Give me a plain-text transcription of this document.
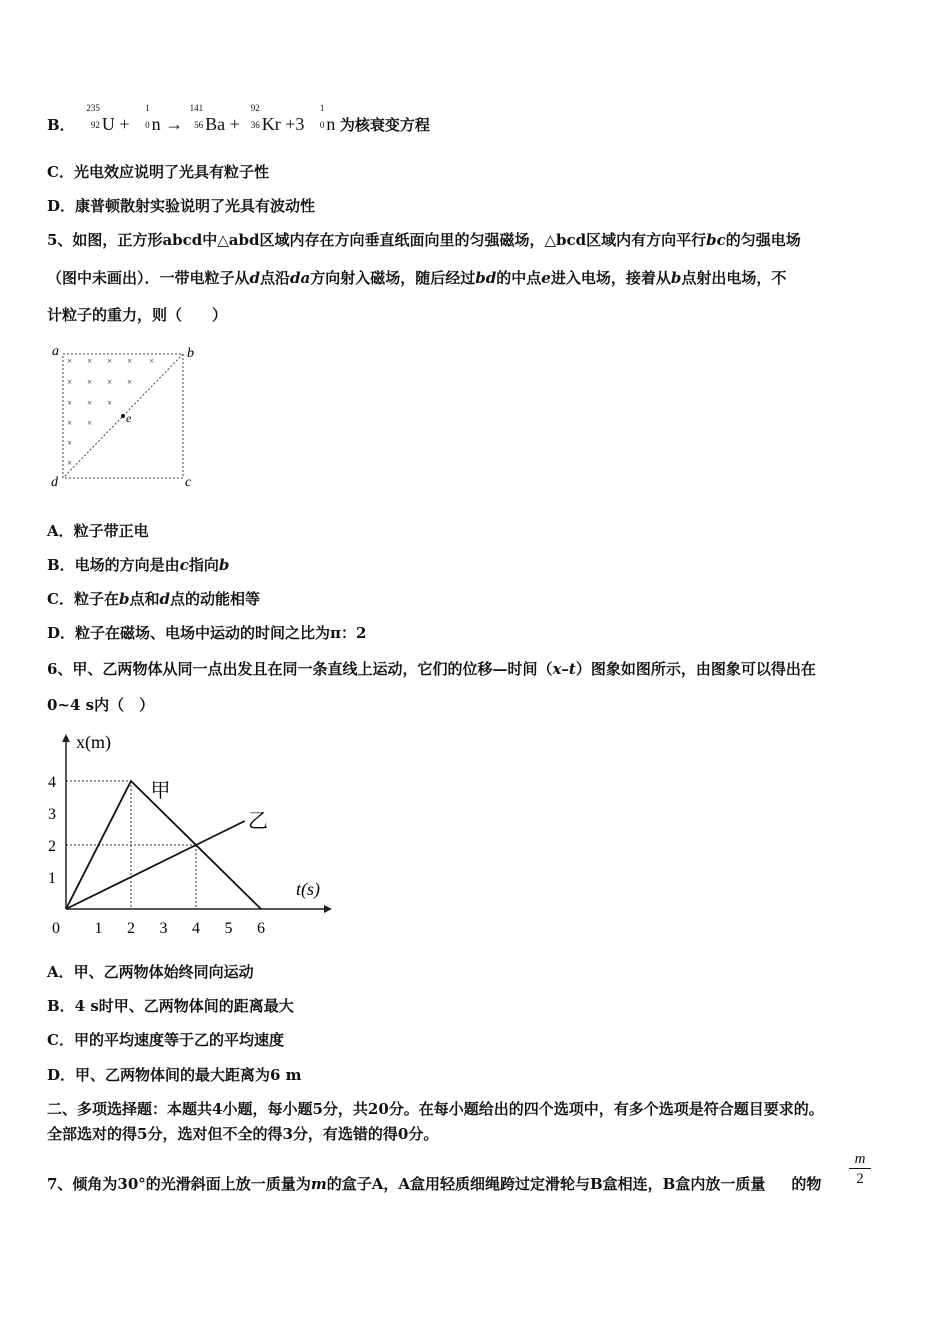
B．
235
92 U +
1
0 n →
141
56 Ba +
92
36 Kr +3
1
0 n 为核衰变方程
C．光电效应说明了光具有粒子性
D．康普顿散射实验说明了光具有波动性
5、如图，正方形abcd中△abd区域内存在方向垂直纸面向里的匀强磁场，△bcd区域内有方向平行bc的匀强电场
（图中未画出）．一带电粒子从d点沿da方向射入磁场，随后经过bd的中点e进入电场，接着从b点射出电场，不
计粒子的重力，则（　　）
× × × × ×
× × × ×
× × ×
× ×
×
×
a	b
c
d
e
A．粒子带正电
B．电场的方向是由c指向b
C．粒子在b点和d点的动能相等
D．粒子在磁场、电场中运动的时间之比为π：2
6、甲、乙两物体从同一点出发且在同一条直线上运动，它们的位移—时间（x–t）图象如图所示，由图象可以得出在
0~4 s内（　）
甲
乙
0 1 2 3 4 5 6
1
2
3
4
x(m)
t(s)
A．甲、乙两物体始终同向运动
B．4 s时甲、乙两物体间的距离最大
C．甲的平均速度等于乙的平均速度
D．甲、乙两物体间的最大距离为6 m
二、多项选择题：本题共4小题，每小题5分，共20分。在每小题给出的四个选项中，有多个选项是符合题目要求的。
全部选对的得5分，选对但不全的得3分，有选错的得0分。
7、倾角为30°的光滑斜面上放一质量为m的盒子A，A盒用轻质细绳跨过定滑轮与B盒相连，B盒内放一质量 的物 $\frac{m}{2}$
